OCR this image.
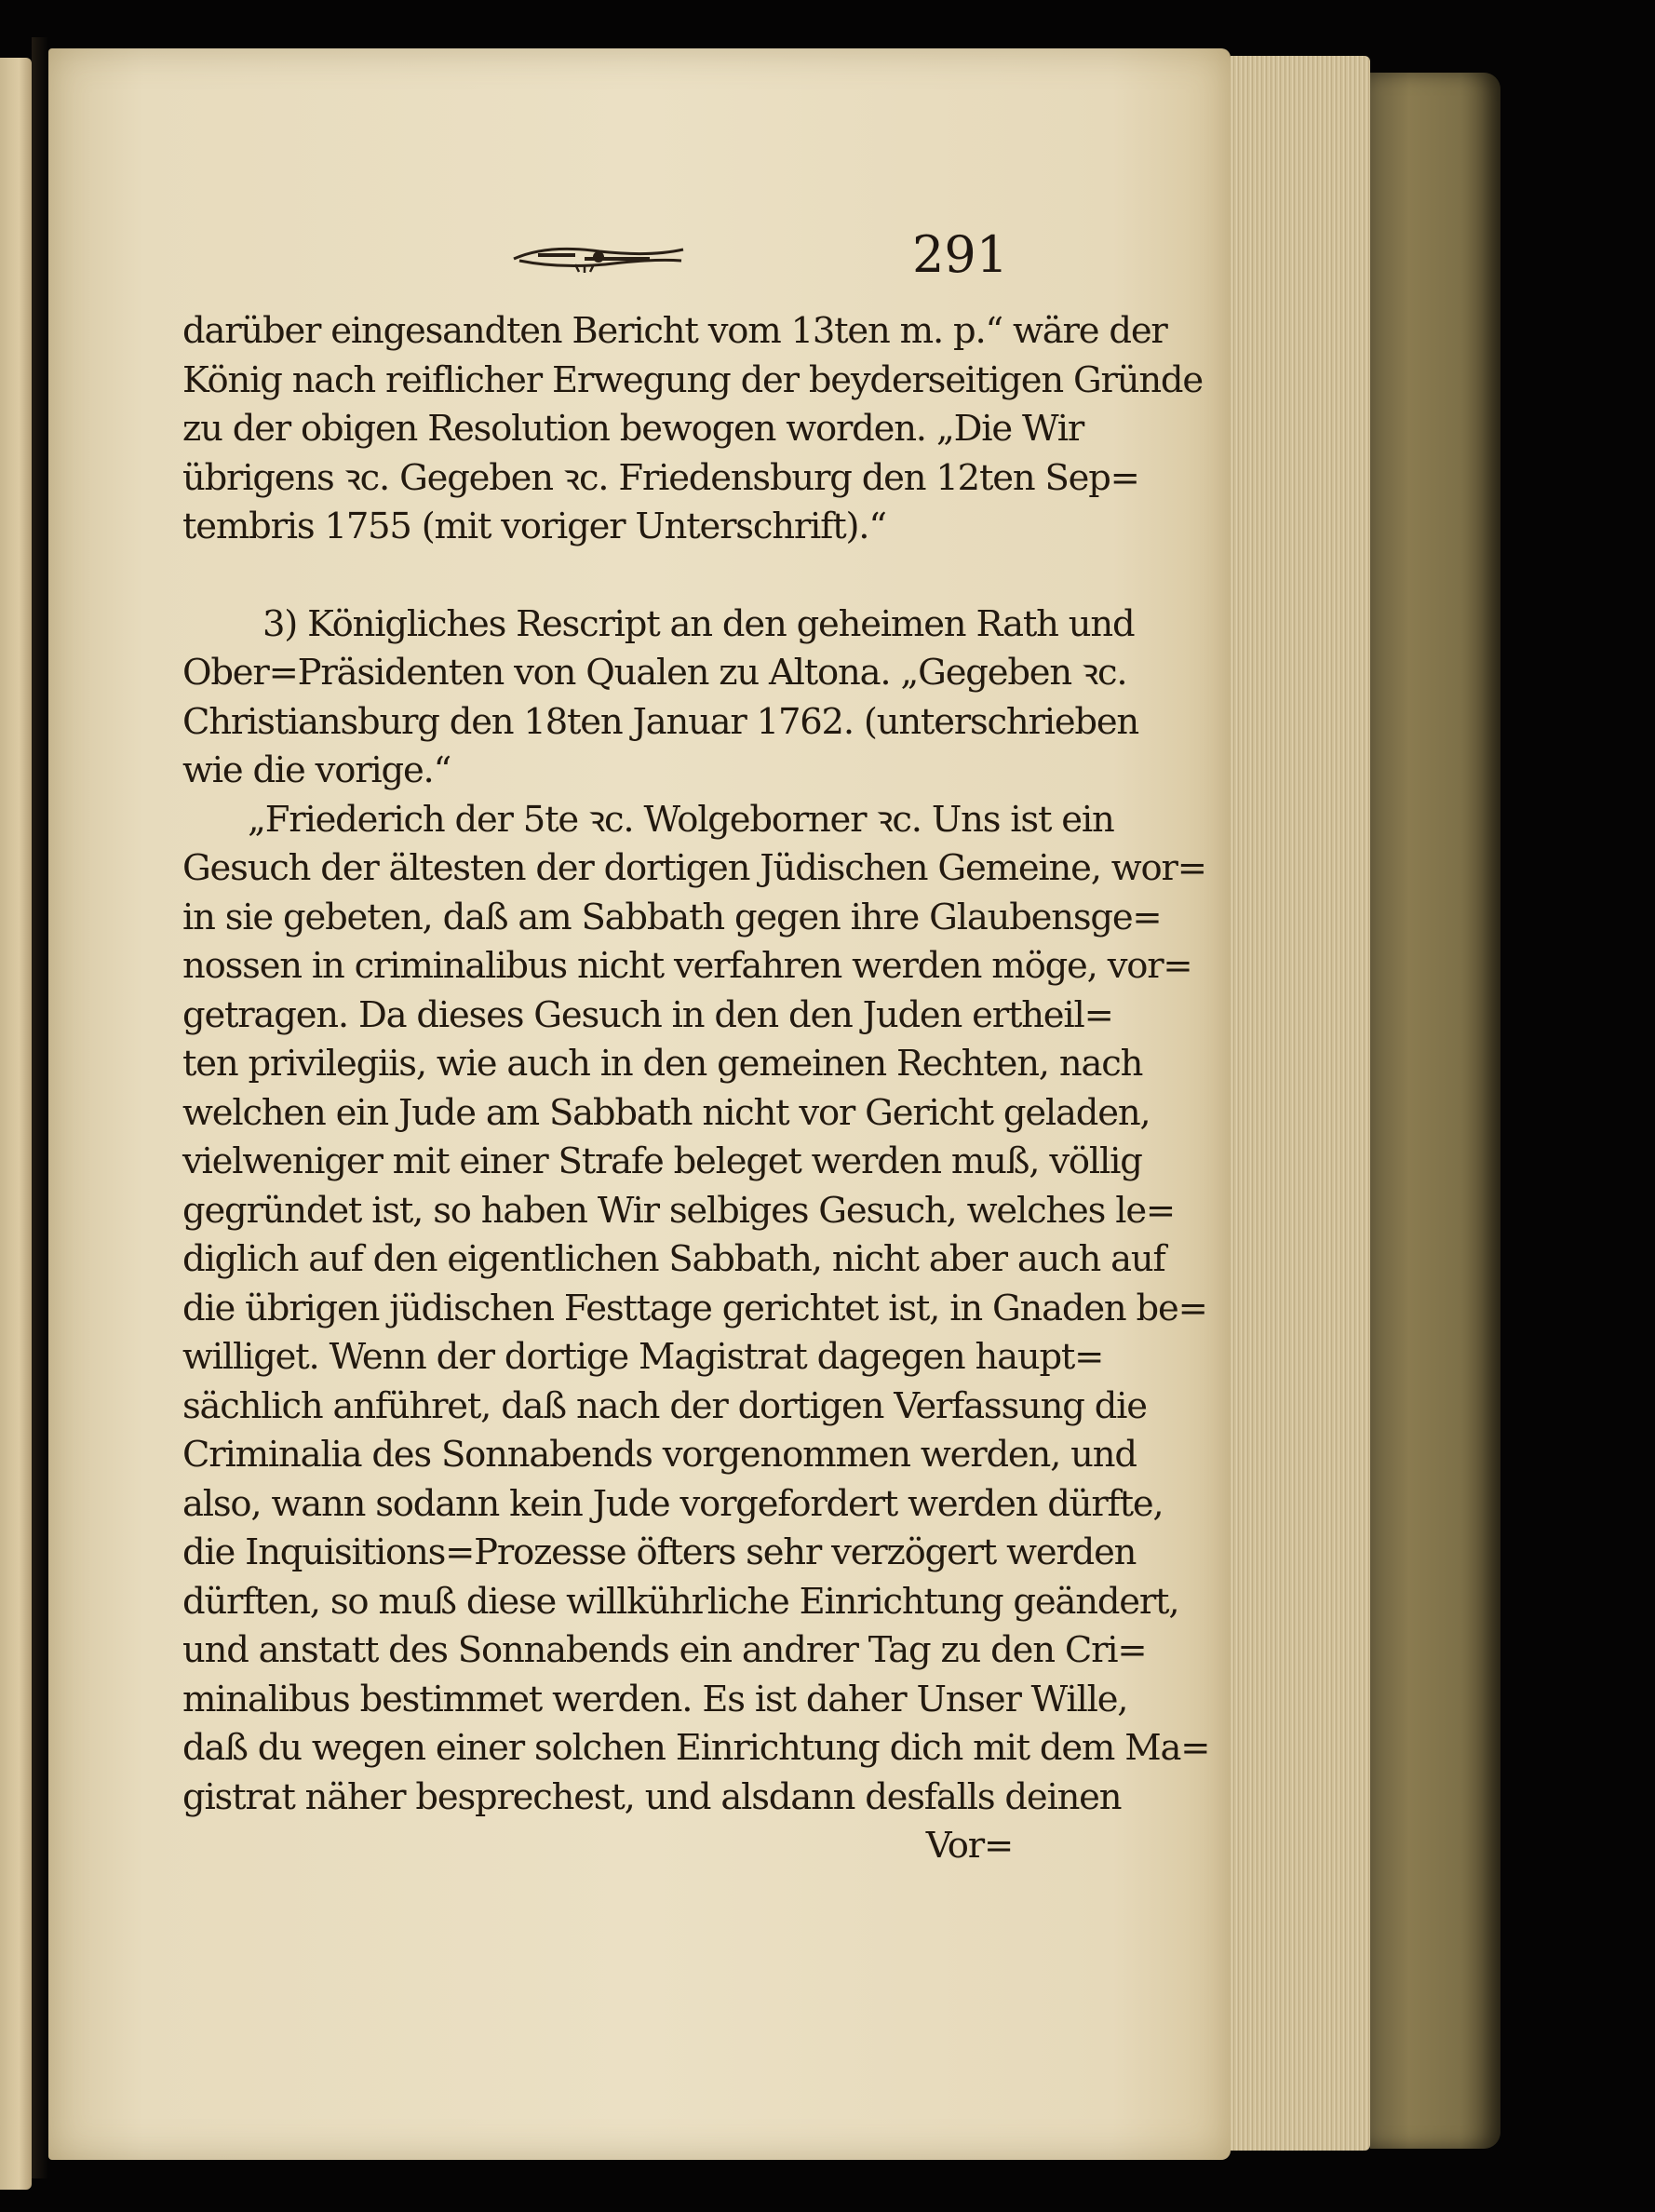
291
darüber eingesandten Bericht vom 13ten m. p.“ wäre der
König nach reiflicher Erwegung der beyderseitigen Gründe
zu der obigen Resolution bewogen worden. „Die Wir
übrigens ꝛc. Gegeben ꝛc. Friedensburg den 12ten Sep=
tembris 1755 (mit voriger Unterschrift).“
3) Königliches Rescript an den geheimen Rath und
Ober=Präsidenten von Qualen zu Altona. „Gegeben ꝛc.
Christiansburg den 18ten Januar 1762. (unterschrieben
wie die vorige.“
„Friederich der 5te ꝛc. Wolgeborner ꝛc. Uns ist ein
Gesuch der ältesten der dortigen Jüdischen Gemeine, wor=
in sie gebeten, daß am Sabbath gegen ihre Glaubensge=
nossen in criminalibus nicht verfahren werden möge, vor=
getragen. Da dieses Gesuch in den den Juden ertheil=
ten privilegiis, wie auch in den gemeinen Rechten, nach
welchen ein Jude am Sabbath nicht vor Gericht geladen,
vielweniger mit einer Strafe beleget werden muß, völlig
gegründet ist, so haben Wir selbiges Gesuch, welches le=
diglich auf den eigentlichen Sabbath, nicht aber auch auf
die übrigen jüdischen Festtage gerichtet ist, in Gnaden be=
williget. Wenn der dortige Magistrat dagegen haupt=
sächlich anführet, daß nach der dortigen Verfassung die
Criminalia des Sonnabends vorgenommen werden, und
also, wann sodann kein Jude vorgefordert werden dürfte,
die Inquisitions=Prozesse öfters sehr verzögert werden
dürften, so muß diese willkührliche Einrichtung geändert,
und anstatt des Sonnabends ein andrer Tag zu den Cri=
minalibus bestimmet werden. Es ist daher Unser Wille,
daß du wegen einer solchen Einrichtung dich mit dem Ma=
gistrat näher besprechest, und alsdann desfalls deinen
Vor=
